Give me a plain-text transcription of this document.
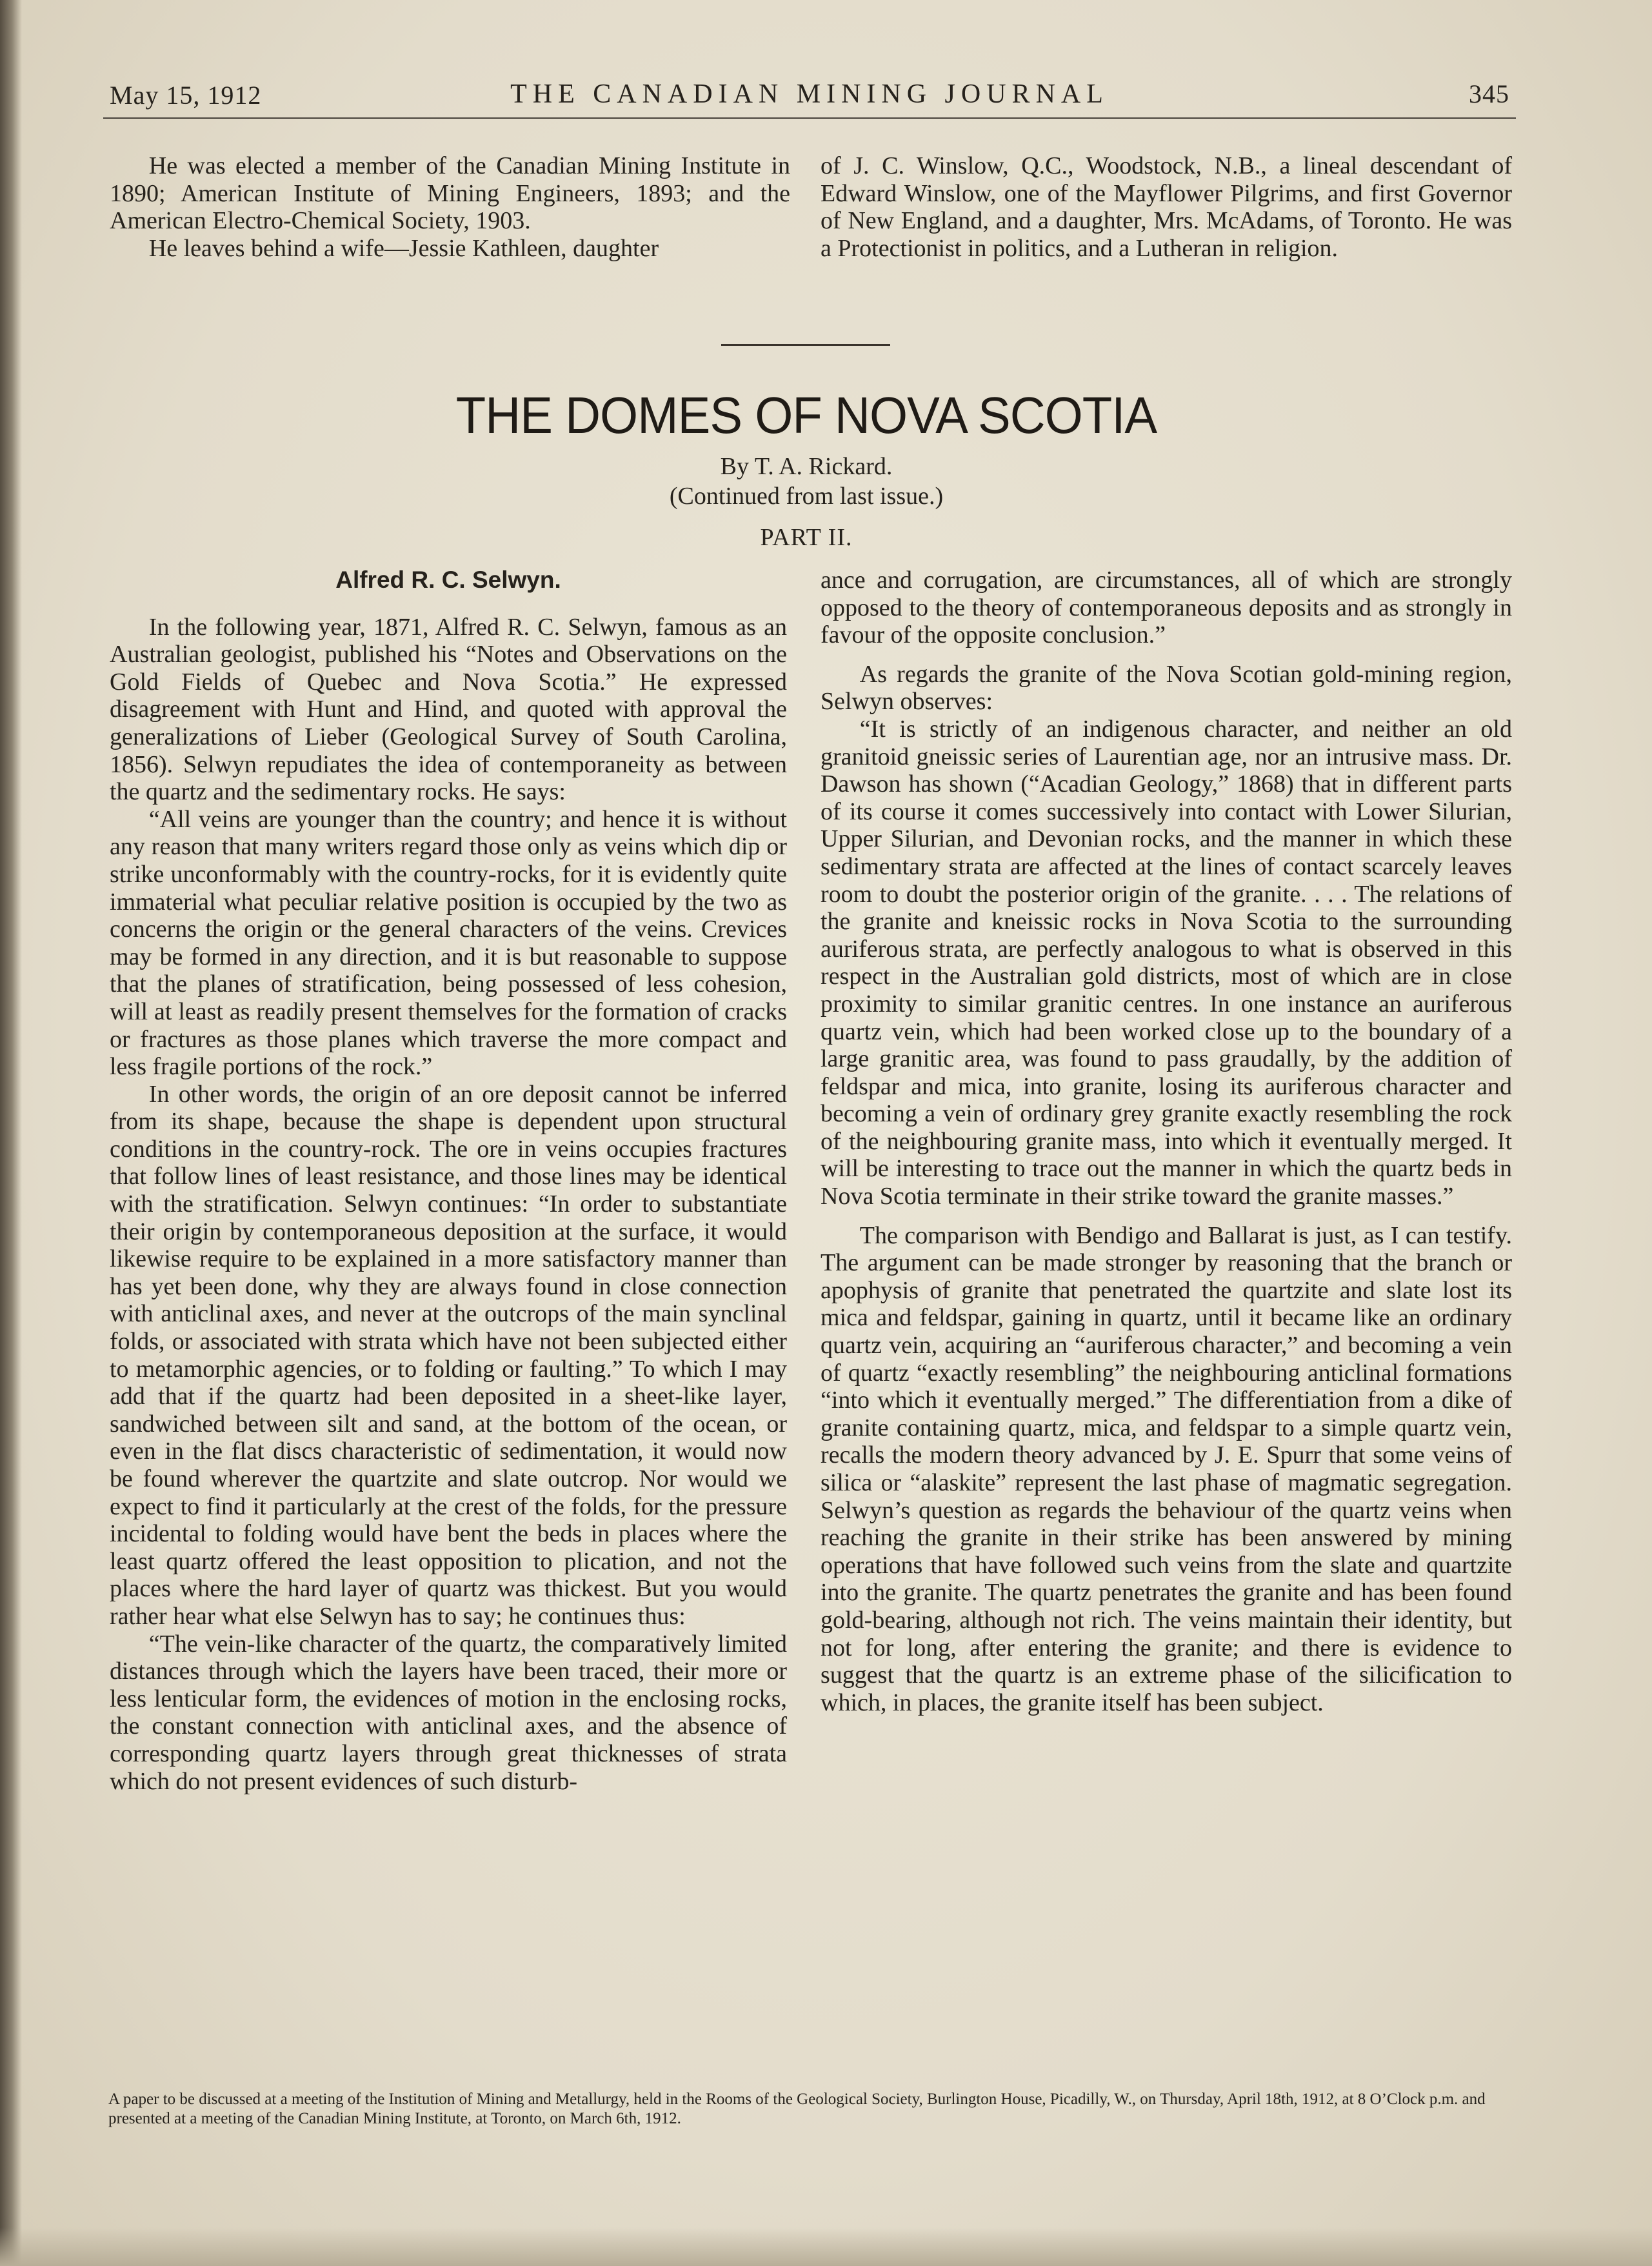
May 15, 1912	THE CANADIAN MINING JOURNAL	345

He was elected a member of the Canadian Mining Institute in 1890; American Institute of Mining Engineers, 1893; and the American Electro-Chemical Society, 1903.

He leaves behind a wife—Jessie Kathleen, daughter

of J. C. Winslow, Q.C., Woodstock, N.B., a lineal descendant of Edward Winslow, one of the Mayflower Pilgrims, and first Governor of New England, and a daughter, Mrs. McAdams, of Toronto. He was a Protectionist in politics, and a Lutheran in religion.

THE DOMES OF NOVA SCOTIA
By T. A. Rickard.
(Continued from last issue.)
PART II.

Alfred R. C. Selwyn.

In the following year, 1871, Alfred R. C. Selwyn, famous as an Australian geologist, published his “Notes and Observations on the Gold Fields of Quebec and Nova Scotia.” He expressed disagreement with Hunt and Hind, and quoted with approval the generalizations of Lieber (Geological Survey of South Carolina, 1856). Selwyn repudiates the idea of contemporaneity as between the quartz and the sedimentary rocks. He says:

“All veins are younger than the country; and hence it is without any reason that many writers regard those only as veins which dip or strike unconformably with the country-rocks, for it is evidently quite immaterial what peculiar relative position is occupied by the two as concerns the origin or the general characters of the veins. Crevices may be formed in any direction, and it is but reasonable to suppose that the planes of stratification, being possessed of less cohesion, will at least as readily present themselves for the formation of cracks or fractures as those planes which traverse the more compact and less fragile portions of the rock.”

In other words, the origin of an ore deposit cannot be inferred from its shape, because the shape is dependent upon structural conditions in the country-rock. The ore in veins occupies fractures that follow lines of least resistance, and those lines may be identical with the stratification. Selwyn continues: “In order to substantiate their origin by contemporaneous deposition at the surface, it would likewise require to be explained in a more satisfactory manner than has yet been done, why they are always found in close connection with anticlinal axes, and never at the outcrops of the main synclinal folds, or associated with strata which have not been subjected either to metamorphic agencies, or to folding or faulting.” To which I may add that if the quartz had been deposited in a sheet-like layer, sandwiched between silt and sand, at the bottom of the ocean, or even in the flat discs characteristic of sedimentation, it would now be found wherever the quartzite and slate outcrop. Nor would we expect to find it particularly at the crest of the folds, for the pressure incidental to folding would have bent the beds in places where the least quartz offered the least opposition to plication, and not the places where the hard layer of quartz was thickest. But you would rather hear what else Selwyn has to say; he continues thus:

“The vein-like character of the quartz, the comparatively limited distances through which the layers have been traced, their more or less lenticular form, the evidences of motion in the enclosing rocks, the constant connection with anticlinal axes, and the absence of corresponding quartz layers through great thicknesses of strata which do not present evidences of such disturb-

ance and corrugation, are circumstances, all of which are strongly opposed to the theory of contemporaneous deposits and as strongly in favour of the opposite conclusion.”

As regards the granite of the Nova Scotian gold-mining region, Selwyn observes:

“It is strictly of an indigenous character, and neither an old granitoid gneissic series of Laurentian age, nor an intrusive mass. Dr. Dawson has shown (“Acadian Geology,” 1868) that in different parts of its course it comes successively into contact with Lower Silurian, Upper Silurian, and Devonian rocks, and the manner in which these sedimentary strata are affected at the lines of contact scarcely leaves room to doubt the posterior origin of the granite. . . . The relations of the granite and kneissic rocks in Nova Scotia to the surrounding auriferous strata, are perfectly analogous to what is observed in this respect in the Australian gold districts, most of which are in close proximity to similar granitic centres. In one instance an auriferous quartz vein, which had been worked close up to the boundary of a large granitic area, was found to pass graudally, by the addition of feldspar and mica, into granite, losing its auriferous character and becoming a vein of ordinary grey granite exactly resembling the rock of the neighbouring granite mass, into which it eventually merged. It will be interesting to trace out the manner in which the quartz beds in Nova Scotia terminate in their strike toward the granite masses.”

The comparison with Bendigo and Ballarat is just, as I can testify. The argument can be made stronger by reasoning that the branch or apophysis of granite that penetrated the quartzite and slate lost its mica and feldspar, gaining in quartz, until it became like an ordinary quartz vein, acquiring an “auriferous character,” and becoming a vein of quartz “exactly resembling” the neighbouring anticlinal formations “into which it eventually merged.” The differentiation from a dike of granite containing quartz, mica, and feldspar to a simple quartz vein, recalls the modern theory advanced by J. E. Spurr that some veins of silica or “alaskite” represent the last phase of magmatic segregation. Selwyn’s question as regards the behaviour of the quartz veins when reaching the granite in their strike has been answered by mining operations that have followed such veins from the slate and quartzite into the granite. The quartz penetrates the granite and has been found gold-bearing, although not rich. The veins maintain their identity, but not for long, after entering the granite; and there is evidence to suggest that the quartz is an extreme phase of the silicification to which, in places, the granite itself has been subject.

A paper to be discussed at a meeting of the Institution of Mining and Metallurgy, held in the Rooms of the Geological Society, Burlington House, Picadilly, W., on Thursday, April 18th, 1912, at 8 O’Clock p.m. and presented at a meeting of the Canadian Mining Institute, at Toronto, on March 6th, 1912.
